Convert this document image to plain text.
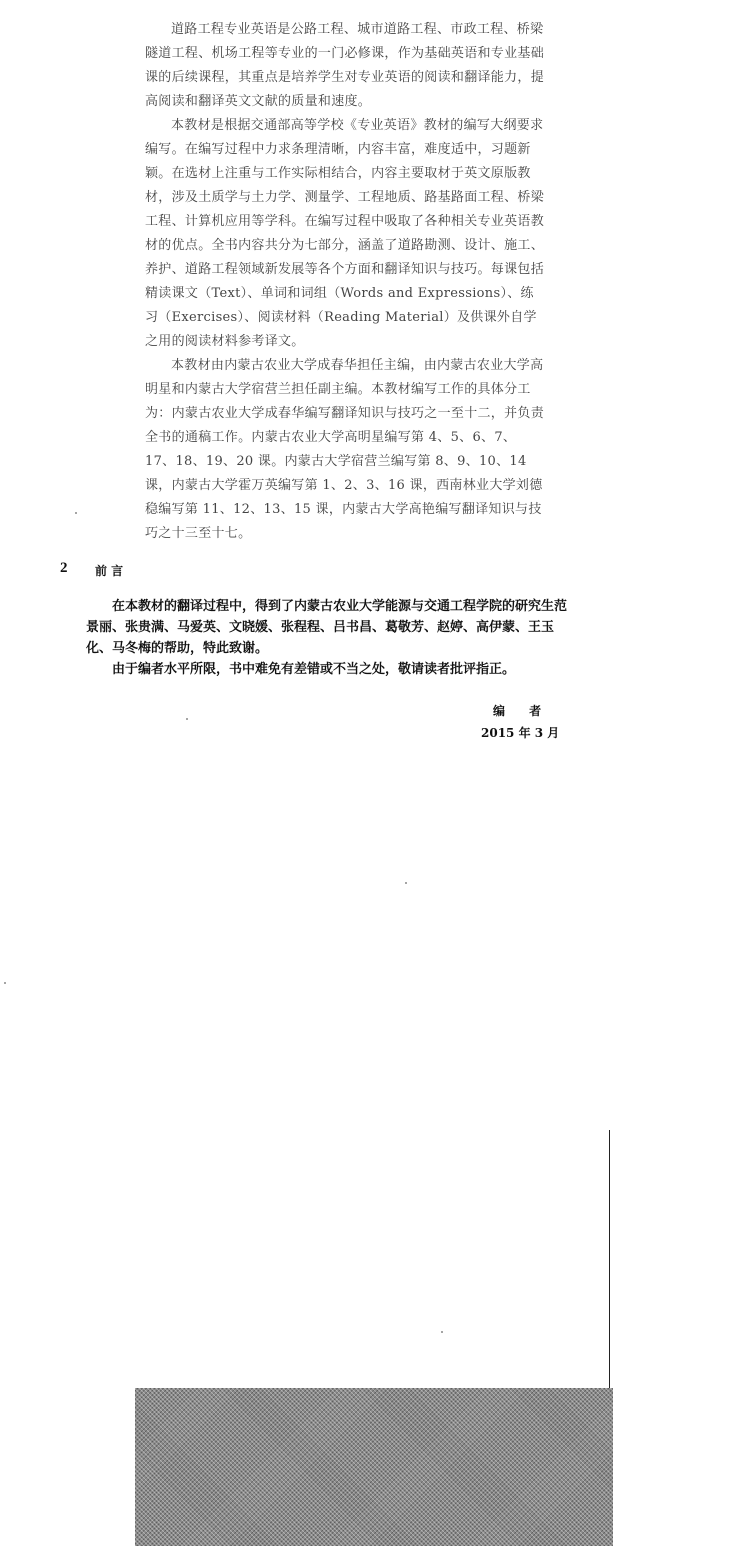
道路工程专业英语是公路工程、城市道路工程、市政工程、桥梁隧道工程、机场工程等专业的一门必修课，作为基础英语和专业基础课的后续课程，其重点是培养学生对专业英语的阅读和翻译能力，提高阅读和翻译英文文献的质量和速度。

本教材是根据交通部高等学校《专业英语》教材的编写大纲要求编写。在编写过程中力求条理清晰，内容丰富，难度适中，习题新颖。在选材上注重与工作实际相结合，内容主要取材于英文原版教材，涉及土质学与土力学、测量学、工程地质、路基路面工程、桥梁工程、计算机应用等学科。在编写过程中吸取了各种相关专业英语教材的优点。全书内容共分为七部分，涵盖了道路勘测、设计、施工、养护、道路工程领域新发展等各个方面和翻译知识与技巧。每课包括精读课文（Text）、单词和词组（Words and Expressions）、练习（Exercises）、阅读材料（Reading Material）及供课外自学之用的阅读材料参考译文。

本教材由内蒙古农业大学成春华担任主编，由内蒙古农业大学高明星和内蒙古大学宿营兰担任副主编。本教材编写工作的具体分工为：内蒙古农业大学成春华编写翻译知识与技巧之一至十二，并负责全书的通稿工作。内蒙古农业大学高明星编写第 4、5、6、7、17、18、19、20 课。内蒙古大学宿营兰编写第 8、9、10、14 课，内蒙古大学霍万英编写第 1、2、3、16 课，西南林业大学刘德稳编写第 11、12、13、15 课，内蒙古大学高艳编写翻译知识与技巧之十三至十七。

2 前 言

在本教材的翻译过程中，得到了内蒙古农业大学能源与交通工程学院的研究生范景丽、张贵满、马爱英、文晓媛、张程程、吕书昌、葛敬芳、赵婷、高伊蒙、王玉化、马冬梅的帮助，特此致谢。

由于编者水平所限，书中难免有差错或不当之处，敬请读者批评指正。

编 者
2015 年 3 月
